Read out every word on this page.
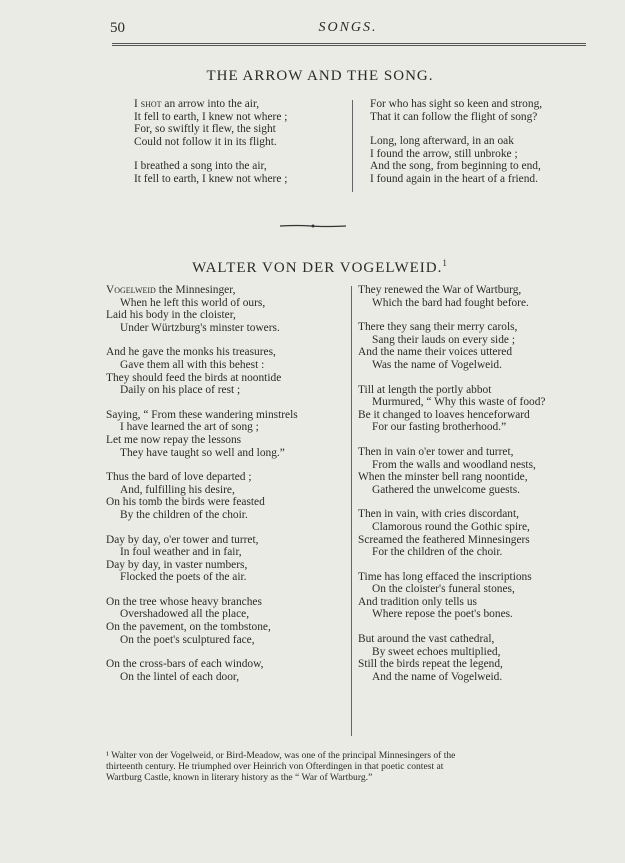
50	SONGS.
THE ARROW AND THE SONG.
I shot an arrow into the air,
It fell to earth, I knew not where ;
For, so swiftly it flew, the sight
Could not follow it in its flight.
I breathed a song into the air,
It fell to earth, I knew not where ;
For who has sight so keen and strong,
That it can follow the flight of song?
Long, long afterward, in an oak
I found the arrow, still unbroke ;
And the song, from beginning to end,
I found again in the heart of a friend.
WALTER VON DER VOGELWEID.$^1$
Vogelweid the Minnesinger,
When he left this world of ours,
Laid his body in the cloister,
Under Würtzburg's minster towers.
And he gave the monks his treasures,
Gave them all with this behest :
They should feed the birds at noontide
Daily on his place of rest ;
Saying, “ From these wandering minstrels
I have learned the art of song ;
Let me now repay the lessons
They have taught so well and long.”
Thus the bard of love departed ;
And, fulfilling his desire,
On his tomb the birds were feasted
By the children of the choir.
Day by day, o'er tower and turret,
In foul weather and in fair,
Day by day, in vaster numbers,
Flocked the poets of the air.
On the tree whose heavy branches
Overshadowed all the place,
On the pavement, on the tombstone,
On the poet's sculptured face,
On the cross-bars of each window,
On the lintel of each door,
They renewed the War of Wartburg,
Which the bard had fought before.
There they sang their merry carols,
Sang their lauds on every side ;
And the name their voices uttered
Was the name of Vogelweid.
Till at length the portly abbot
Murmured, “ Why this waste of food?
Be it changed to loaves henceforward
For our fasting brotherhood.”
Then in vain o'er tower and turret,
From the walls and woodland nests,
When the minster bell rang noontide,
Gathered the unwelcome guests.
Then in vain, with cries discordant,
Clamorous round the Gothic spire,
Screamed the feathered Minnesingers
For the children of the choir.
Time has long effaced the inscriptions
On the cloister's funeral stones,
And tradition only tells us
Where repose the poet's bones.
But around the vast cathedral,
By sweet echoes multiplied,
Still the birds repeat the legend,
And the name of Vogelweid.
¹ Walter von der Vogelweid, or Bird-Meadow, was one of the principal Minnesingers of the
thirteenth century. He triumphed over Heinrich von Ofterdingen in that poetic contest at
Wartburg Castle, known in literary history as the “ War of Wartburg.”
